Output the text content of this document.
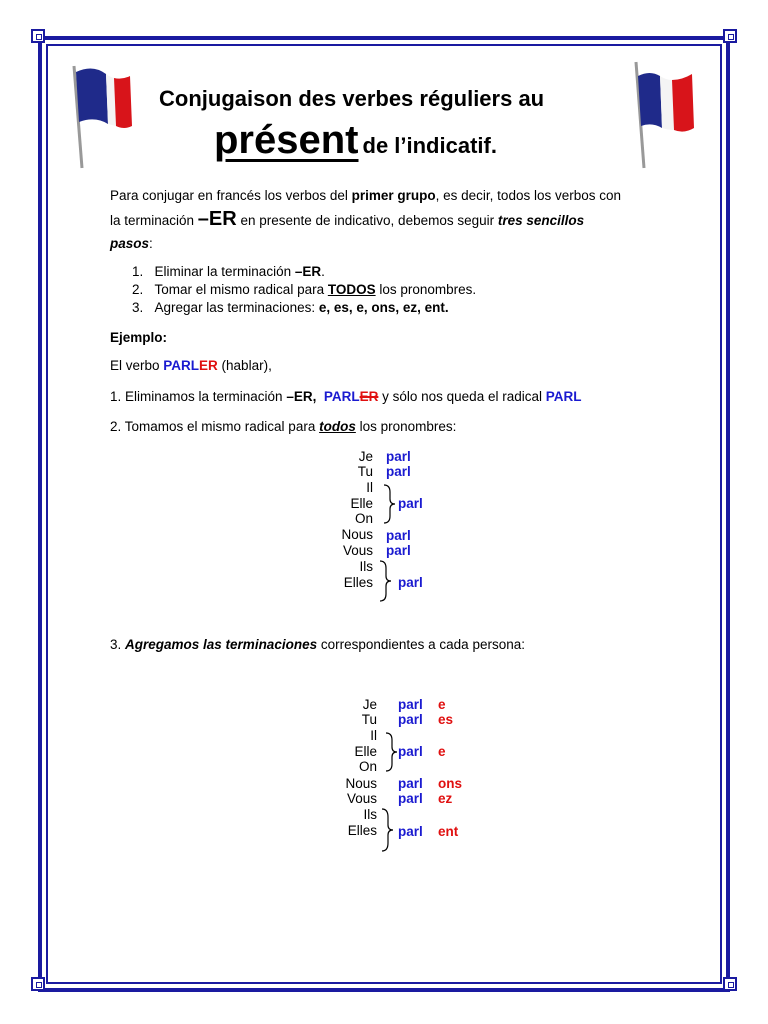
Conjugaison des verbes réguliers au
présent de l’indicatif.
Para conjugar en francés los verbos del primer grupo, es decir, todos los verbos con
la terminación –ER en presente de indicativo, debemos seguir tres sencillos
pasos:
1. Eliminar la terminación –ER.
2. Tomar el mismo radical para TODOS los pronombres.
3. Agregar las terminaciones: e, es, e, ons, ez, ent.
Ejemplo:
El verbo PARLER (hablar),
1. Eliminamos la terminación –ER, PARLER y sólo nos queda el radical PARL
2. Tomamos el mismo radical para todos los pronombres:
Je
Tu
Il
Elle
On
Nous
Vous
Ils
Elles
parl
parl
parl
parl
parl
parl
3. Agregamos las terminaciones correspondientes a cada persona:
Je
Tu
Il
Elle
On
Nous
Vous
Ils
Elles
parl
parl
parl
parl
parl
parl
e
es
e
ons
ez
ent
